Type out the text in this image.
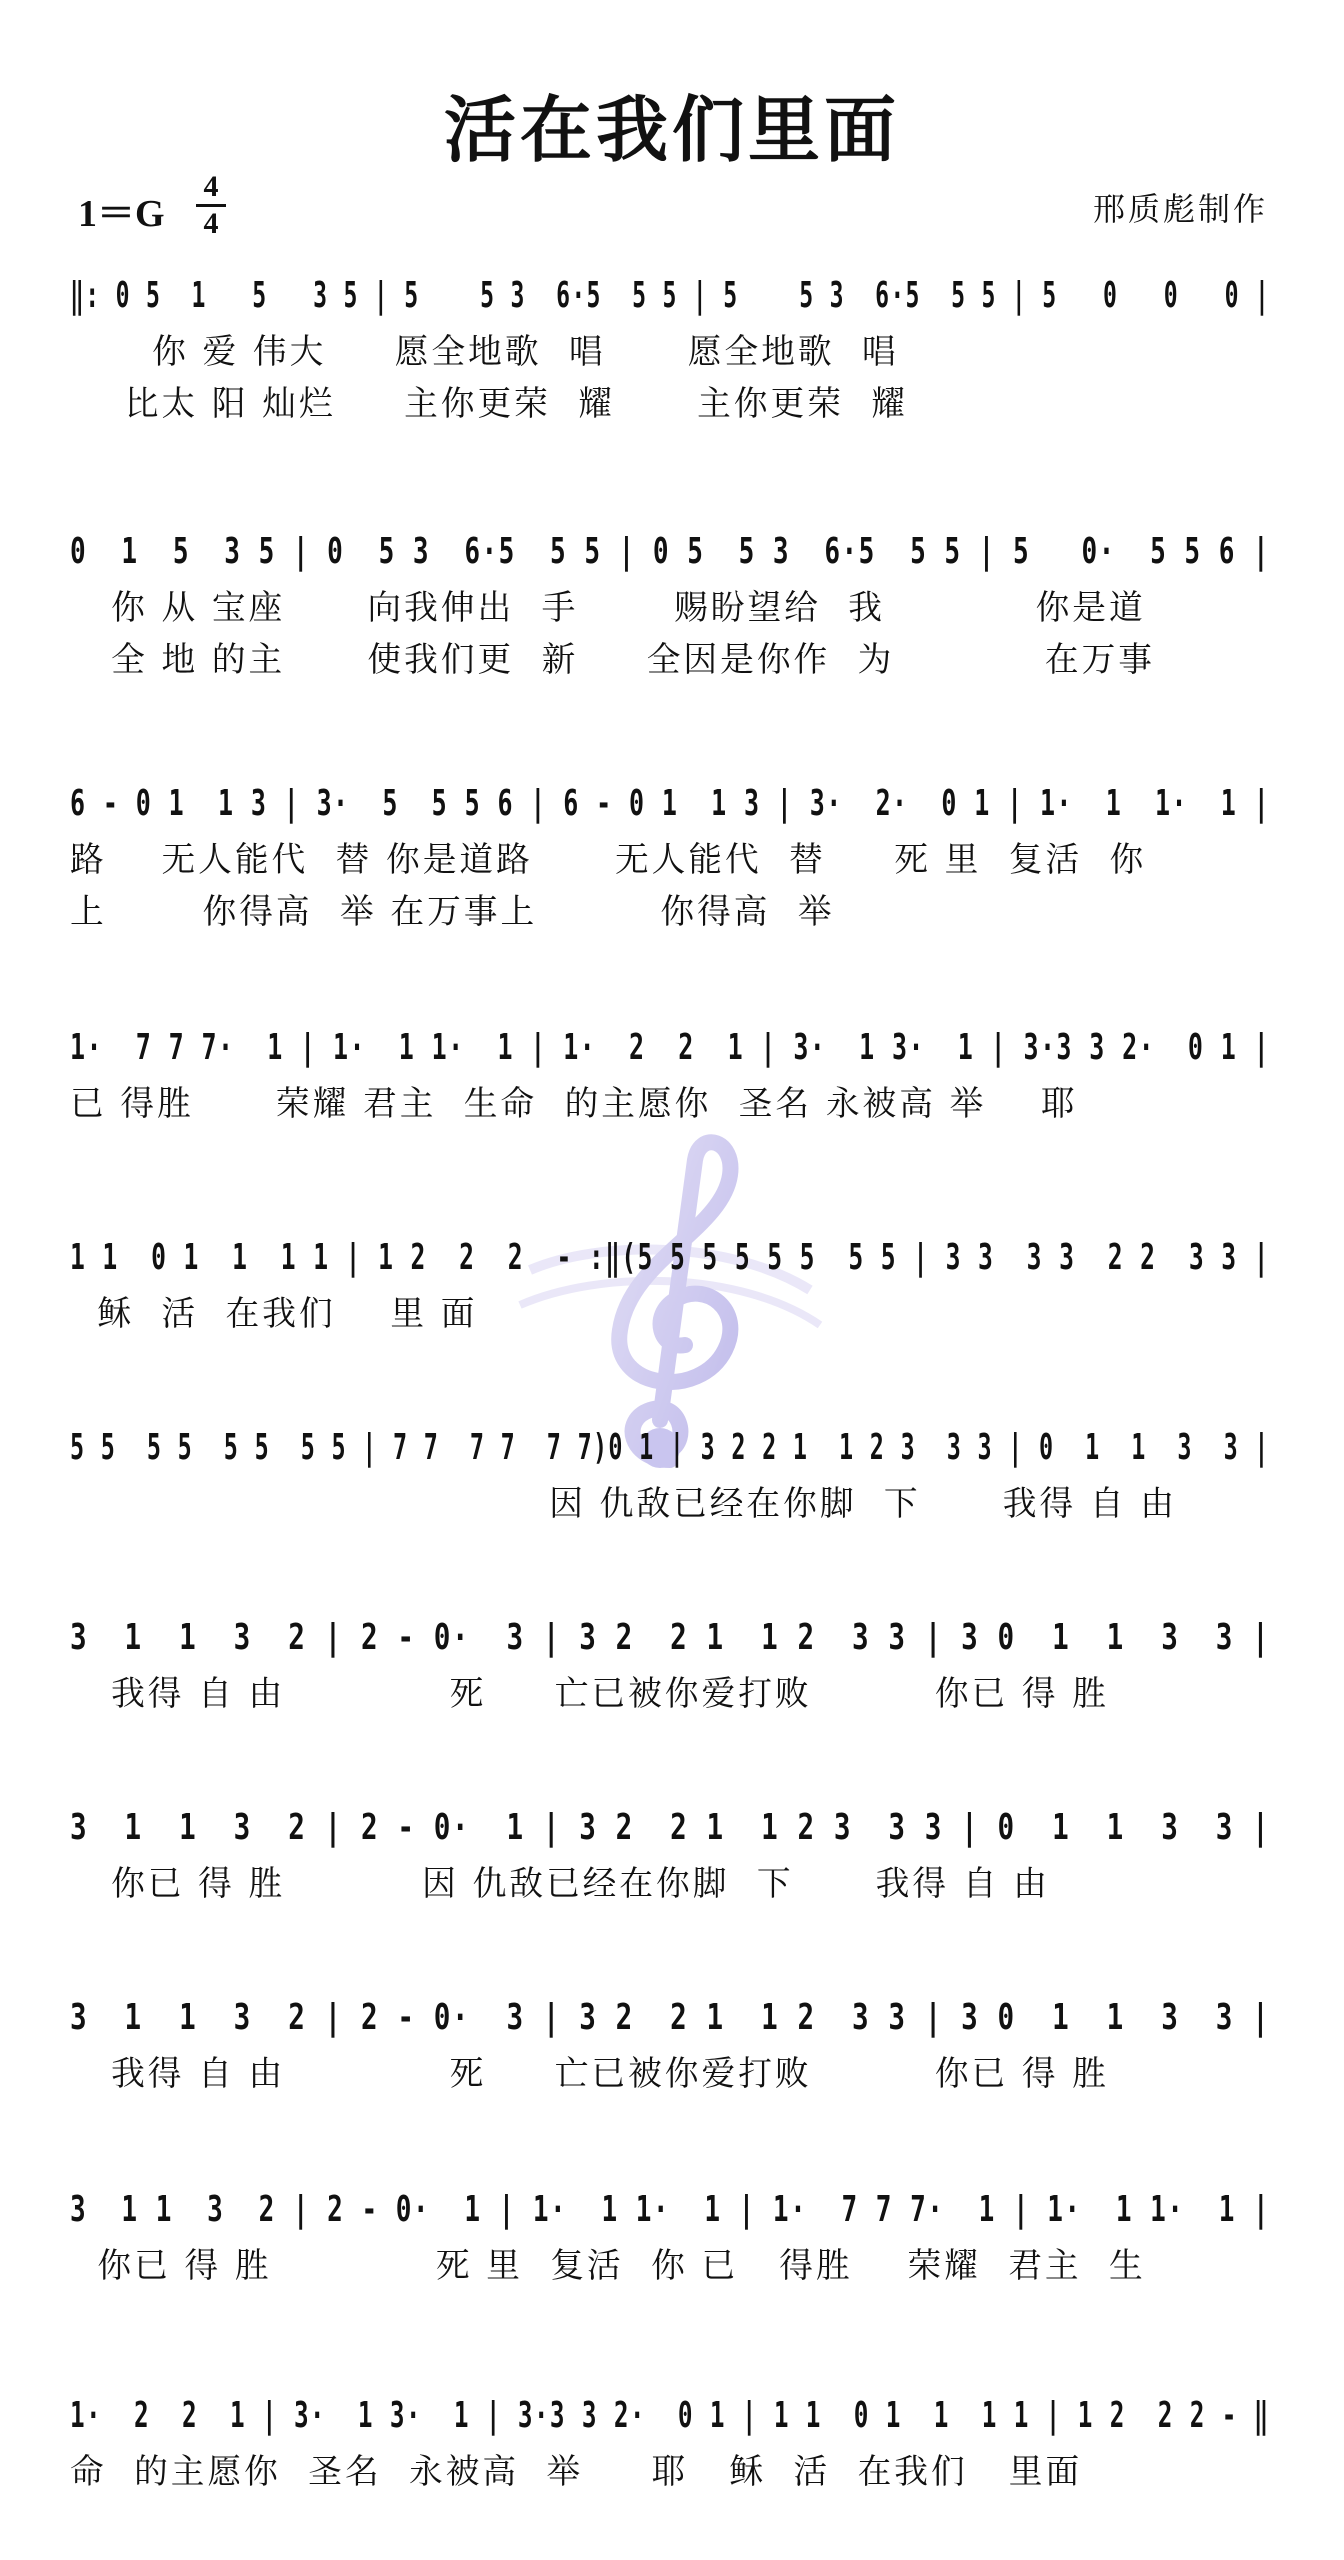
活在我们里面
1＝G
4
4	邢质彪制作
‖: 0 5  1   5   3 5 | 5    5 3  6·5  5 5 | 5    5 3  6·5  5 5 | 5   0   0   0 |
你 爱 伟大     愿全地歌  唱      愿全地歌  唱
比太 阳 灿烂     主你更荣  耀      主你更荣  耀
0  1  5  3 5 | 0  5 3  6·5  5 5 | 0 5  5 3  6·5  5 5 | 5   0·  5 5 6 |
你 从 宝座      向我伸出  手       赐盼望给  我           你是道
全 地 的主      使我们更  新     全因是你作  为           在万事
6 - 0 1  1 3 | 3·  5  5 5 6 | 6 - 0 1  1 3 | 3·  2·  0 1 | 1·  1  1·  1 |
路    无人能代  替 你是道路      无人能代  替     死 里  复活  你
上       你得高  举 在万事上         你得高  举
1·  7 7 7·  1 | 1·  1 1·  1 | 1·  2  2  1 | 3·  1 3·  1 | 3·3 3 2·  0 1 |
已 得胜      荣耀 君主  生命  的主愿你  圣名 永被高 举    耶
1 1  0 1  1  1 1 | 1 2  2  2  - :‖(5 5 5 5 5 5  5 5 | 3 3  3 3  2 2  3 3 |
稣  活  在我们    里 面
5 5  5 5  5 5  5 5 | 7 7  7 7  7 7)0 1 | 3 2 2 1  1 2 3  3 3 | 0  1  1  3  3 |
因 仇敌已经在你脚  下      我得 自 由
3  1  1  3  2 | 2 - 0·  3 | 3 2  2 1  1 2  3 3 | 3 0  1  1  3  3 |
我得 自 由            死     亡已被你爱打败         你已 得 胜
3  1  1  3  2 | 2 - 0·  1 | 3 2  2 1  1 2 3  3 3 | 0  1  1  3  3 |
你已 得 胜          因 仇敌已经在你脚  下      我得 自 由
3  1  1  3  2 | 2 - 0·  3 | 3 2  2 1  1 2  3 3 | 3 0  1  1  3  3 |
我得 自 由            死     亡已被你爱打败         你已 得 胜
3  1 1  3  2 | 2 - 0·  1 | 1·  1 1·  1 | 1·  7 7 7·  1 | 1·  1 1·  1 |
你已 得 胜            死 里  复活  你 已   得胜    荣耀  君主  生
1·  2  2  1 | 3·  1 3·  1 | 3·3 3 2·  0 1 | 1 1  0 1  1  1 1 | 1 2  2 2 - ‖
命  的主愿你  圣名  永被高  举     耶   稣  活  在我们   里面
